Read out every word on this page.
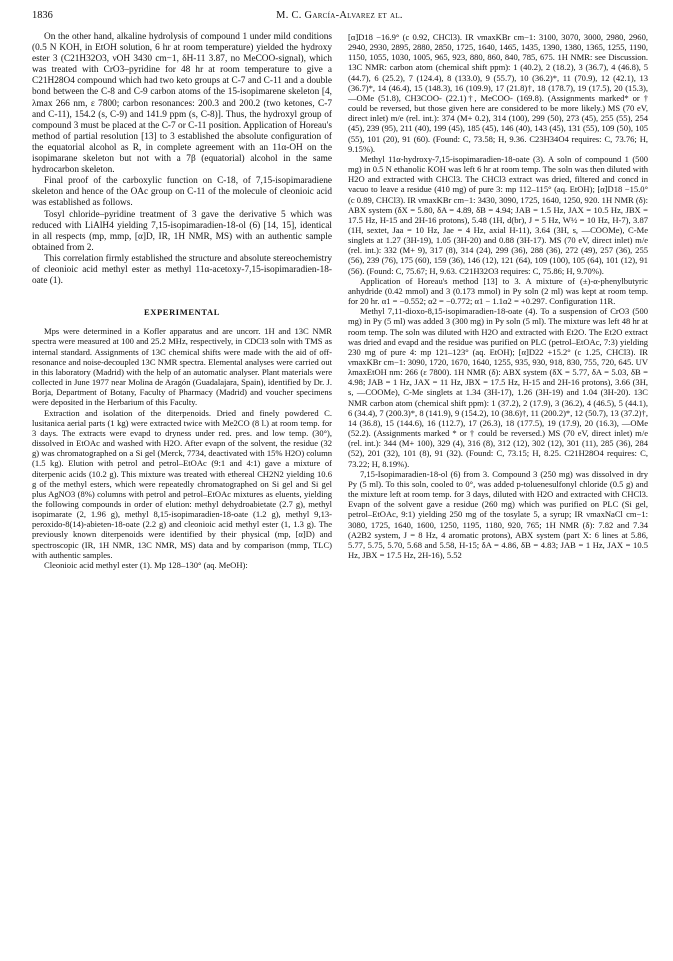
1836	M. C. García-Alvarez et al.

On the other hand, alkaline hydrolysis of compound 1 under mild conditions (0.5 N KOH, in EtOH solution, 6 hr at room temperature) yielded the hydroxy ester 3 (C21H32O3, νOH 3430 cm−1, δH-11 3.87, no MeCOO-signal), which was treated with CrO3–pyridine for 48 hr at room temperature to give a C21H28O4 compound which had two keto groups at C-7 and C-11 and a double bond between the C-8 and C-9 carbon atoms of the 15-isopimarene skeleton [4, λmax 266 nm, ε 7800; carbon resonances: 200.3 and 200.2 (two ketones, C-7 and C-11), 154.2 (s, C-9) and 141.9 ppm (s, C-8)]. Thus, the hydroxyl group of compound 3 must be placed at the C-7 or C-11 position. Application of Horeau's method of partial resolution [13] to 3 established the absolute configuration of the equatorial alcohol as R, in complete agreement with an 11α-OH on the isopimarane skeleton but not with a 7β (equatorial) alcohol in the same hydrocarbon skeleton.

Final proof of the carboxylic function on C-18, of 7,15-isopimaradiene skeleton and hence of the OAc group on C-11 of the molecule of cleonioic acid was established as follows.

Tosyl chloride–pyridine treatment of 3 gave the derivative 5 which was reduced with LiAlH4 yielding 7,15-isopimaradien-18-ol (6) [14, 15], identical in all respects (mp, mmp, [α]D, IR, 1H NMR, MS) with an authentic sample obtained from 2.

This correlation firmly established the structure and absolute stereochemistry of cleonioic acid methyl ester as methyl 11α-acetoxy-7,15-isopimaradien-18-oate (1).

EXPERIMENTAL

Mps were determined in a Kofler apparatus and are uncorr. 1H and 13C NMR spectra were measured at 100 and 25.2 MHz, respectively, in CDCl3 soln with TMS as internal standard. Assignments of 13C chemical shifts were made with the aid of off-resonance and noise-decoupled 13C NMR spectra. Elemental analyses were carried out in this laboratory (Madrid) with the help of an automatic analyser. Plant materials were collected in June 1977 near Molina de Aragón (Guadalajara, Spain), identified by Dr. J. Borja, Department of Botany, Faculty of Pharmacy (Madrid) and voucher specimens were deposited in the Herbarium of this Faculty.

Extraction and isolation of the diterpenoids. Dried and finely powdered C. lusitanica aerial parts (1 kg) were extracted twice with Me2CO (8 l.) at room temp. for 3 days. The extracts were evapd to dryness under red. pres. and low temp. (30°), dissolved in EtOAc and washed with H2O. After evapn of the solvent, the residue (32 g) was chromatographed on a Si gel (Merck, 7734, deactivated with 15% H2O) column (1.5 kg). Elution with petrol and petrol–EtOAc (9:1 and 4:1) gave a mixture of diterpenic acids (10.2 g). This mixture was treated with ethereal CH2N2 yielding 10.6 g of the methyl esters, which were repeatedly chromatographed on Si gel and Si gel plus AgNO3 (8%) columns with petrol and petrol–EtOAc mixtures as eluents, yielding the following compounds in order of elution: methyl dehydroabietate (2.7 g), methyl isopimarate (2, 1.96 g), methyl 8,15-isopimaradien-18-oate (1.2 g), methyl 9,13-peroxido-8(14)-abieten-18-oate (2.2 g) and cleonioic acid methyl ester (1, 1.3 g). The previously known diterpenoids were identified by their physical (mp, [α]D) and spectroscopic (IR, 1H NMR, 13C NMR, MS) data and by comparison (mmp, TLC) with authentic samples.

Cleonioic acid methyl ester (1). Mp 128–130° (aq. MeOH):

[α]D18 −16.9° (c 0.92, CHCl3). IR νmaxKBr cm−1: 3100, 3070, 3000, 2980, 2960, 2940, 2930, 2895, 2880, 2850, 1725, 1640, 1465, 1435, 1390, 1380, 1365, 1255, 1190, 1150, 1055, 1030, 1005, 965, 923, 880, 860, 840, 785, 675. 1H NMR: see Discussion. 13C NMR: carbon atom (chemical shift ppm): 1 (40.2), 2 (18.2), 3 (36.7), 4 (46.8), 5 (44.7), 6 (25.2), 7 (124.4), 8 (133.0), 9 (55.7), 10 (36.2)*, 11 (70.9), 12 (42.1), 13 (36.7)*, 14 (46.4), 15 (148.3), 16 (109.9), 17 (21.8)†, 18 (178.7), 19 (17.5), 20 (15.3), —OMe (51.8), CH3COO- (22.1)†, MeCOO- (169.8). (Assignments marked* or † could be reversed, but those given here are considered to be more likely.) MS (70 eV, direct inlet) m/e (rel. int.): 374 (M+ 0.2), 314 (100), 299 (50), 273 (45), 255 (55), 254 (45), 239 (95), 211 (40), 199 (45), 185 (45), 146 (40), 143 (45), 131 (55), 109 (50), 105 (55), 101 (20), 91 (60). (Found: C, 73.58; H, 9.36. C23H34O4 requires: C, 73.76; H, 9.15%).

Methyl 11α-hydroxy-7,15-isopimaradien-18-oate (3). A soln of compound 1 (500 mg) in 0.5 N ethanolic KOH was left 6 hr at room temp. The soln was then diluted with H2O and extracted with CHCl3. The CHCl3 extract was dried, filtered and concd in vacuo to leave a residue (410 mg) of pure 3: mp 112–115° (aq. EtOH); [α]D18 −15.0° (c 0.89, CHCl3). IR νmaxKBr cm−1: 3430, 3090, 1725, 1640, 1250, 920. 1H NMR (δ): ABX system (δX = 5.80, δA = 4.89, δB = 4.94; JAB = 1.5 Hz, JAX = 10.5 Hz, JBX = 17.5 Hz, H-15 and 2H-16 protons), 5.48 (1H, d(br), J = 5 Hz, W½ = 10 Hz, H-7), 3.87 (1H, sextet, Jaa = 10 Hz, Jae = 4 Hz, axial H-11), 3.64 (3H, s, —COOMe), C-Me singlets at 1.27 (3H-19), 1.05 (3H-20) and 0.88 (3H-17). MS (70 eV, direct inlet) m/e (rel. int.): 332 (M+ 9), 317 (8), 314 (24), 299 (36), 288 (36), 272 (49), 257 (36), 255 (56), 239 (76), 175 (60), 159 (36), 146 (12), 121 (64), 109 (100), 105 (64), 101 (12), 91 (56). (Found: C, 75.67; H, 9.63. C21H32O3 requires: C, 75.86; H, 9.70%).

Application of Horeau's method [13] to 3. A mixture of (±)-α-phenylbutyric anhydride (0.42 mmol) and 3 (0.173 mmol) in Py soln (2 ml) was kept at room temp. for 20 hr. α1 = −0.552; α2 = −0.772; α1 − 1.1α2 = +0.297. Configuration 11R.

Methyl 7,11-dioxo-8,15-isopimaradien-18-oate (4). To a suspension of CrO3 (500 mg) in Py (5 ml) was added 3 (300 mg) in Py soln (5 ml). The mixture was left 48 hr at room temp. The soln was diluted with H2O and extracted with Et2O. The Et2O extract was dried and evapd and the residue was purified on PLC (petrol–EtOAc, 7:3) yielding 230 mg of pure 4: mp 121–123° (aq. EtOH); [α]D22 +15.2° (c 1.25, CHCl3). IR νmaxKBr cm−1: 3090, 1720, 1670, 1640, 1255, 935, 930, 918, 830, 755, 720, 645. UV λmaxEtOH nm: 266 (ε 7800). 1H NMR (δ): ABX system (δX = 5.77, δA = 5.03, δB = 4.98; JAB = 1 Hz, JAX = 11 Hz, JBX = 17.5 Hz, H-15 and 2H-16 protons), 3.66 (3H, s, —COOMe), C-Me singlets at 1.34 (3H-17), 1.26 (3H-19) and 1.04 (3H-20). 13C NMR carbon atom (chemical shift ppm): 1 (37.2), 2 (17.9), 3 (36.2), 4 (46.5), 5 (44.1), 6 (34.4), 7 (200.3)*, 8 (141.9), 9 (154.2), 10 (38.6)†, 11 (200.2)*, 12 (50.7), 13 (37.2)†, 14 (36.8), 15 (144.6), 16 (112.7), 17 (26.3), 18 (177.5), 19 (17.9), 20 (16.3), —OMe (52.2). (Assignments marked * or † could be reversed.) MS (70 eV, direct inlet) m/e (rel. int.): 344 (M+ 100), 329 (4), 316 (8), 312 (12), 302 (12), 301 (11), 285 (36), 284 (52), 201 (32), 101 (8), 91 (32). (Found: C, 73.15; H, 8.25. C21H28O4 requires: C, 73.22; H, 8.19%).

7,15-Isopimaradien-18-ol (6) from 3. Compound 3 (250 mg) was dissolved in dry Py (5 ml). To this soln, cooled to 0°, was added p-toluenesulfonyl chloride (0.5 g) and the mixture left at room temp. for 3 days, diluted with H2O and extracted with CHCl3. Evapn of the solvent gave a residue (260 mg) which was purified on PLC (Si gel, petrol–EtOAc, 9:1) yielding 250 mg of the tosylate 5, a syrup; IR νmaxNaCl cm−1: 3080, 1725, 1640, 1600, 1250, 1195, 1180, 920, 765; 1H NMR (δ): 7.82 and 7.34 (A2B2 system, J = 8 Hz, 4 aromatic protons), ABX system (part X: 6 lines at 5.86, 5.77, 5.75, 5.70, 5.68 and 5.58, H-15; δA = 4.86, δB = 4.83; JAB = 1 Hz, JAX = 10.5 Hz, JBX = 17.5 Hz, 2H-16), 5.52
